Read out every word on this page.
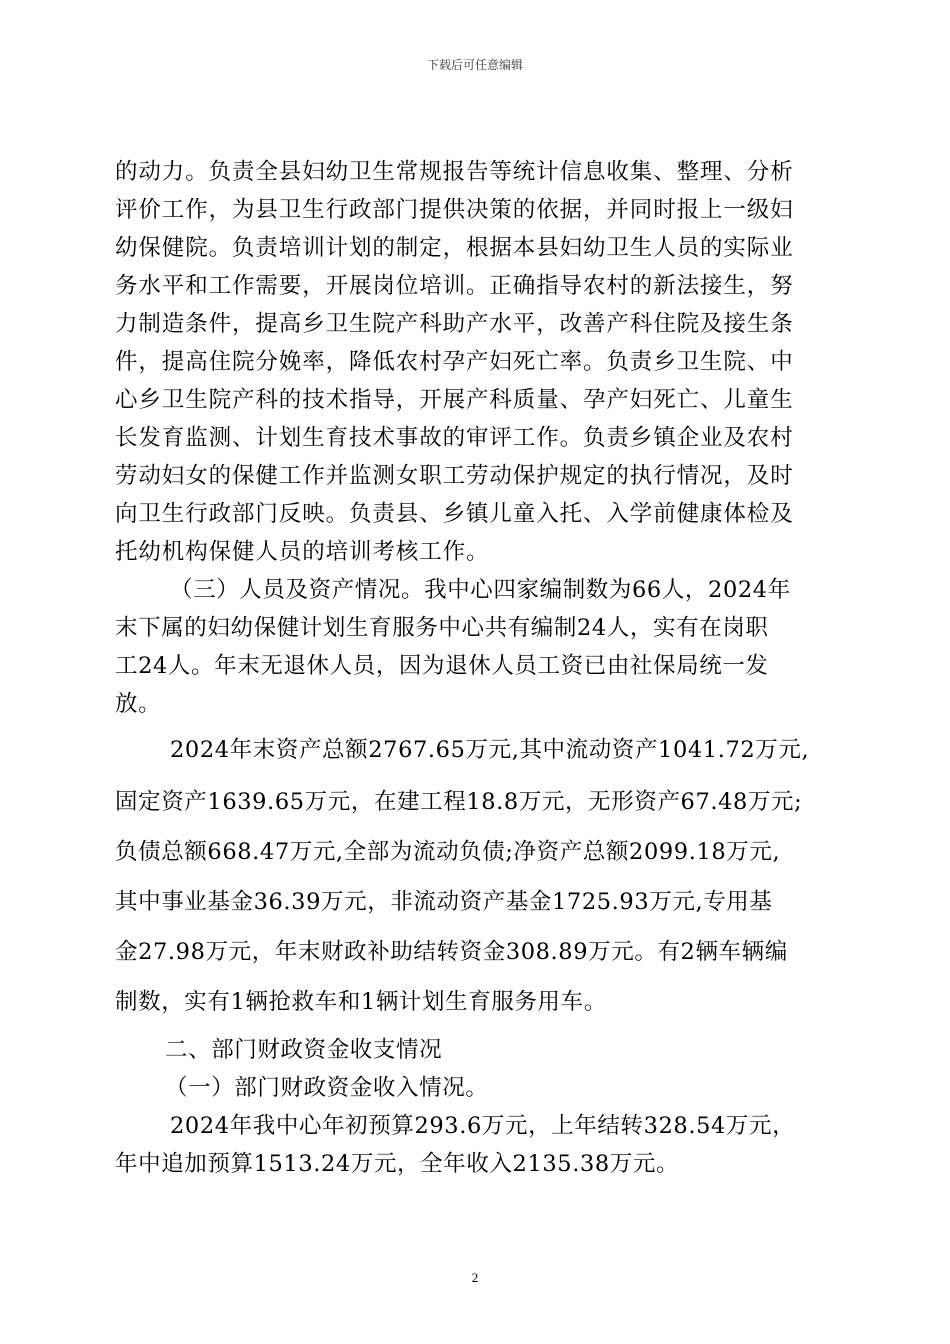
下载后可任意编辑
的动力。负责全县妇幼卫生常规报告等统计信息收集、整理、分析
评价工作，为县卫生行政部门提供决策的依据，并同时报上一级妇
幼保健院。负责培训计划的制定，根据本县妇幼卫生人员的实际业
务水平和工作需要，开展岗位培训。正确指导农村的新法接生，努
力制造条件，提高乡卫生院产科助产水平，改善产科住院及接生条
件，提高住院分娩率，降低农村孕产妇死亡率。负责乡卫生院、中
心乡卫生院产科的技术指导，开展产科质量、孕产妇死亡、儿童生
长发育监测、计划生育技术事故的审评工作。负责乡镇企业及农村
劳动妇女的保健工作并监测女职工劳动保护规定的执行情况，及时
向卫生行政部门反映。负责县、乡镇儿童入托、入学前健康体检及
托幼机构保健人员的培训考核工作。
（三）人员及资产情况。我中心四家编制数为66人，2024年
末下属的妇幼保健计划生育服务中心共有编制24人，实有在岗职
工24人。年末无退休人员，因为退休人员工资已由社保局统一发
放。
2024年末资产总额2767.65万元,其中流动资产1041.72万元,
固定资产1639.65万元，在建工程18.8万元，无形资产67.48万元;
负债总额668.47万元,全部为流动负债;净资产总额2099.18万元,
其中事业基金36.39万元，非流动资产基金1725.93万元,专用基
金27.98万元，年末财政补助结转资金308.89万元。有2辆车辆编
制数，实有1辆抢救车和1辆计划生育服务用车。
二、部门财政资金收支情况
（一）部门财政资金收入情况。
2024年我中心年初预算293.6万元，上年结转328.54万元，
年中追加预算1513.24万元，全年收入2135.38万元。
2
